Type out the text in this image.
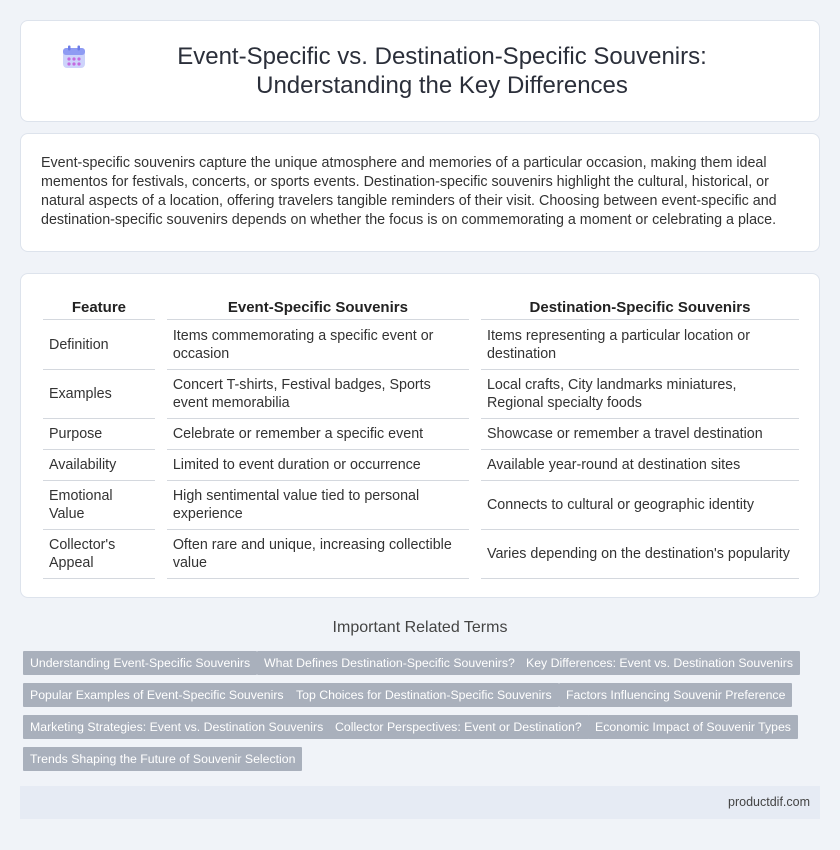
Event-Specific vs. Destination-Specific Souvenirs: Understanding the Key Differences

Event-specific souvenirs capture the unique atmosphere and memories of a particular occasion, making them ideal mementos for festivals, concerts, or sports events. Destination-specific souvenirs highlight the cultural, historical, or natural aspects of a location, offering travelers tangible reminders of their visit. Choosing between event-specific and destination-specific souvenirs depends on whether the focus is on commemorating a moment or celebrating a place.

Feature		Event-Specific Souvenirs		Destination-Specific Souvenirs
Definition		Items commemorating a specific event or occasion		Items representing a particular location or destination
Examples		Concert T-shirts, Festival badges, Sports event memorabilia		Local crafts, City landmarks miniatures, Regional specialty foods
Purpose		Celebrate or remember a specific event		Showcase or remember a travel destination
Availability		Limited to event duration or occurrence		Available year-round at destination sites
Emotional Value		High sentimental value tied to personal experience		Connects to cultural or geographic identity
Collector's Appeal		Often rare and unique, increasing collectible value		Varies depending on the destination's popularity
Important Related Terms
Understanding Event-Specific Souvenirs	What Defines Destination-Specific Souvenirs? Key Differences: Event vs. Destination Souvenirs
Popular Examples of Event-Specific Souvenirs	Top Choices for Destination-Specific Souvenirs	Factors Influencing Souvenir Preference
Marketing Strategies: Event vs. Destination Souvenirs Collector Perspectives: Event or Destination?	Economic Impact of Souvenir Types
Trends Shaping the Future of Souvenir Selection
productdif.com
